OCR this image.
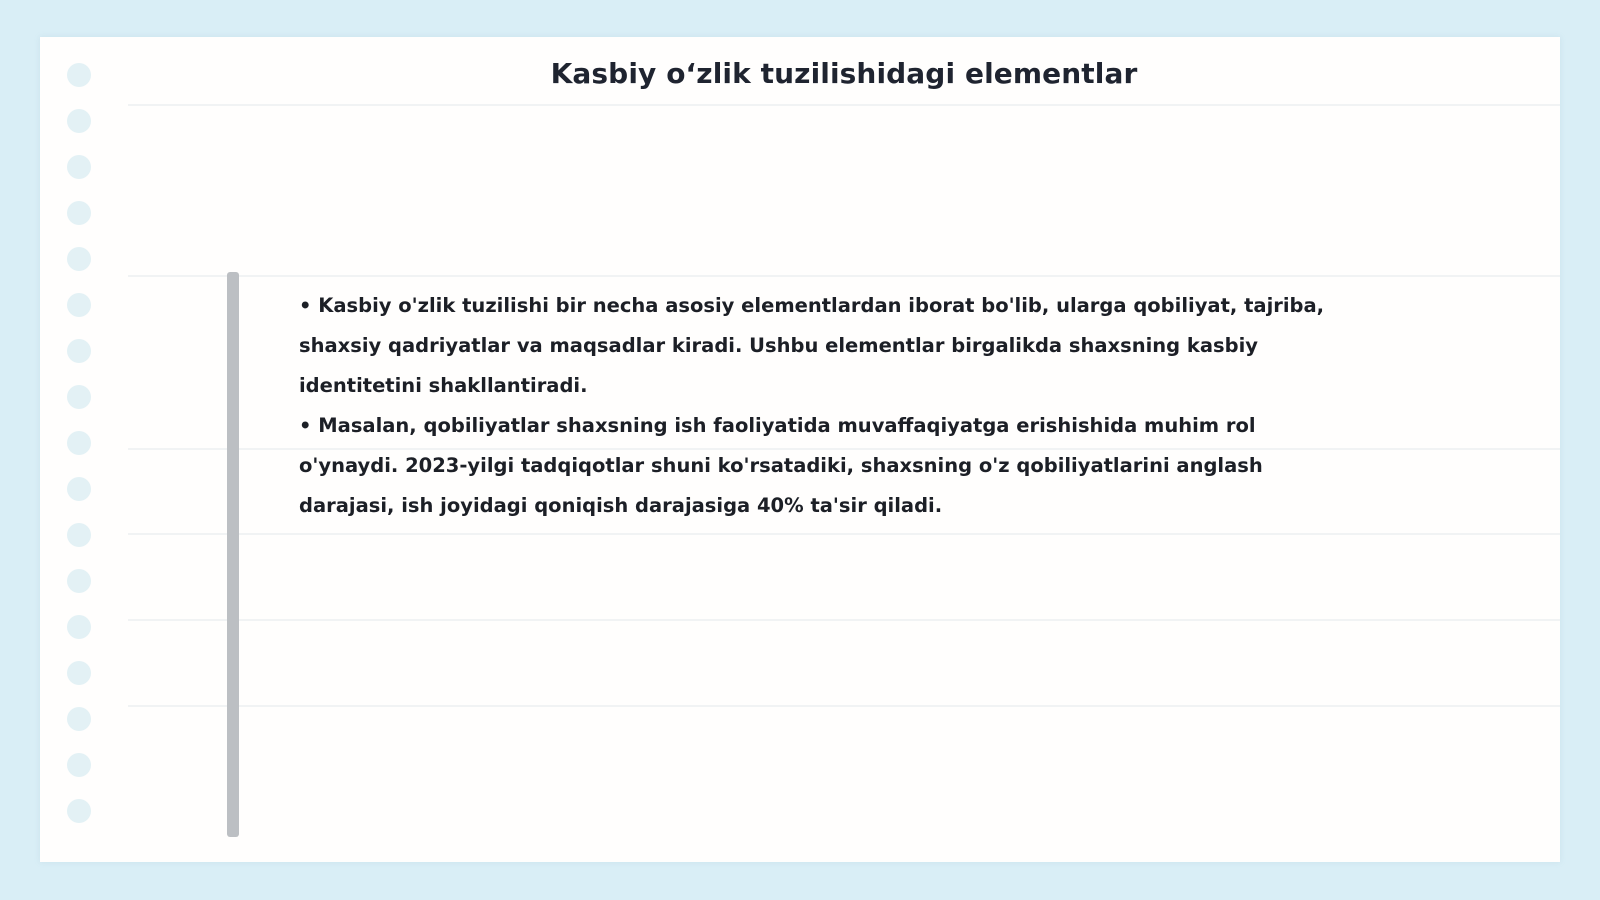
Kasbiy o‘zlik tuzilishidagi elementlar

• Kasbiy o'zlik tuzilishi bir necha asosiy elementlardan iborat bo'lib, ularga qobiliyat, tajriba, shaxsiy qadriyatlar va maqsadlar kiradi. Ushbu elementlar birgalikda shaxsning kasbiy identitetini shakllantiradi.

• Masalan, qobiliyatlar shaxsning ish faoliyatida muvaffaqiyatga erishishida muhim rol o'ynaydi. 2023-yilgi tadqiqotlar shuni ko'rsatadiki, shaxsning o'z qobiliyatlarini anglash darajasi, ish joyidagi qoniqish darajasiga 40% ta'sir qiladi.
